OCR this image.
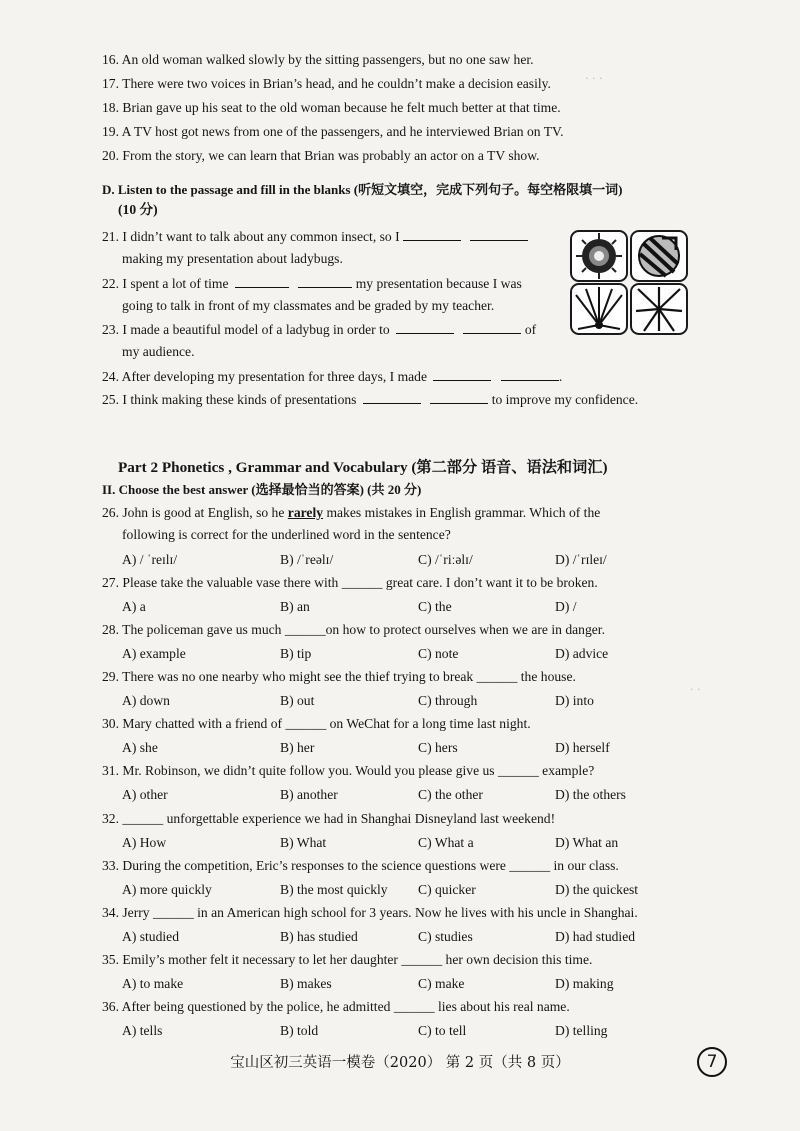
16. An old woman walked slowly by the sitting passengers, but no one saw her.
17. There were two voices in Brian’s head, and he couldn’t make a decision easily.
18. Brian gave up his seat to the old woman because he felt much better at that time.
19. A TV host got news from one of the passengers, and he interviewed Brian on TV.
20. From the story, we can learn that Brian was probably an actor on a TV show.
D. Listen to the passage and fill in the blanks (听短文填空，完成下列句子。每空格限填一词)
(10 分)
21. I didn’t want to talk about any common insect, so I
making my presentation about ladybugs.
22. I spent a lot of time	my presentation because I was
going to talk in front of my classmates and be graded by my teacher.
23. I made a beautiful model of a ladybug in order to	of
my audience.
24. After developing my presentation for three days, I made	.
25. I think making these kinds of presentations	to improve my confidence.
Part 2 Phonetics , Grammar and Vocabulary (第二部分 语音、语法和词汇)
II. Choose the best answer (选择最恰当的答案) (共 20 分)
26. John is good at English, so he rarely makes mistakes in English grammar. Which of the
following is correct for the underlined word in the sentence?
A) / ˈreɪlɪ/	B) /ˈreəlɪ/	C) /ˈriːəlɪ/	D) /ˈrɪleɪ/
27. Please take the valuable vase there with ______ great care. I don’t want it to be broken.
A) a	B) an	C) the	D) /
28. The policeman gave us much ______on how to protect ourselves when we are in danger.
A) example	B) tip	C) note	D) advice
29. There was no one nearby who might see the thief trying to break ______ the house.
A) down	B) out	C) through	D) into
30. Mary chatted with a friend of ______ on WeChat for a long time last night.
A) she	B) her	C) hers	D) herself
31. Mr. Robinson, we didn’t quite follow you. Would you please give us ______ example?
A) other	B) another	C) the other	D) the others
32. ______ unforgettable experience we had in Shanghai Disneyland last weekend!
A) How	B) What	C) What a	D) What an
33. During the competition, Eric’s responses to the science questions were ______ in our class.
A) more quickly	B) the most quickly C) quicker	D) the quickest
34. Jerry ______ in an American high school for 3 years. Now he lives with his uncle in Shanghai.
A) studied	B) has studied	C) studies	D) had studied
35. Emily’s mother felt it necessary to let her daughter ______ her own decision this time.
A) to make	B) makes	C) make	D) making
36. After being questioned by the police, he admitted ______ lies about his real name.
A) tells	B) told	C) to tell	D) telling
· · ·
· ·
宝山区初三英语一模卷（2020） 第 2 页（共 8 页）	7
